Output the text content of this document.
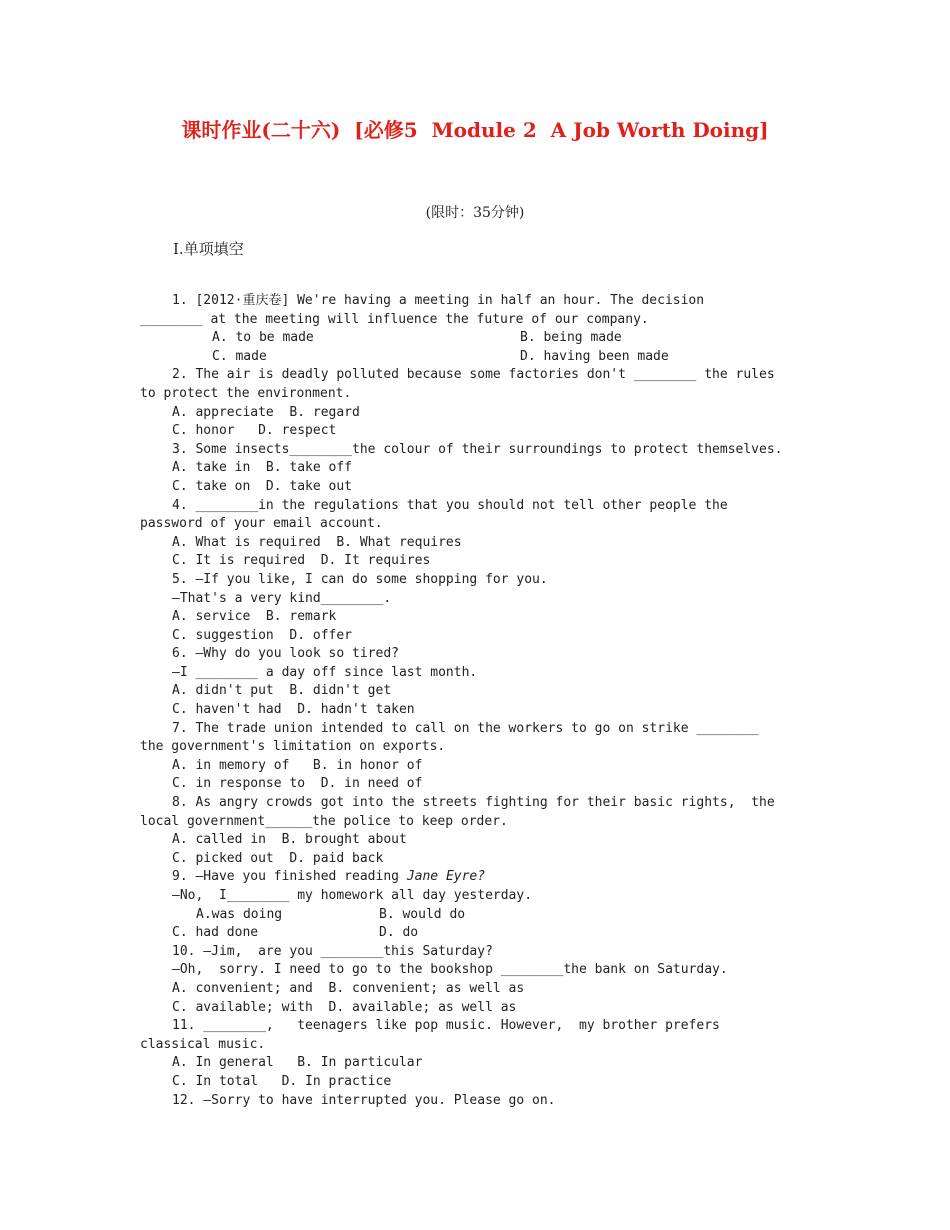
课时作业(二十六)  [必修5  Module 2  A Job Worth Doing]
(限时：35分钟)
Ⅰ.单项填空
1. [2012·重庆卷] We're having a meeting in half an hour. The decision
________ at the meeting will influence the future of our company.
A. to be made	B. being made
C. made	D. having been made
2. The air is deadly polluted because some factories don't ________ the rules
to protect the environment.
A. appreciate  B. regard
C. honor   D. respect
3. Some insects________the colour of their surroundings to protect themselves.
A. take in  B. take off
C. take on  D. take out
4. ________in the regulations that you should not tell other people the
password of your email account.
A. What is required  B. What requires
C. It is required  D. It requires
5. —If you like, I can do some shopping for you.
—That's a very kind________.
A. service  B. remark
C. suggestion  D. offer
6. —Why do you look so tired?
—I ________ a day off since last month.
A. didn't put  B. didn't get
C. haven't had  D. hadn't taken
7. The trade union intended to call on the workers to go on strike ________
the government's limitation on exports.
A. in memory of   B. in honor of
C. in response to  D. in need of
8. As angry crowds got into the streets fighting for their basic rights,  the
local government______the police to keep order.
A. called in  B. brought about
C. picked out  D. paid back
9. —Have you finished reading Jane Eyre?
—No,  I________ my homework all day yesterday.
A.was doing	B. would do
C. had done	D. do
10. —Jim,  are you ________this Saturday?
—Oh,  sorry. I need to go to the bookshop ________the bank on Saturday.
A. convenient; and  B. convenient; as well as
C. available; with  D. available; as well as
11. ________,   teenagers like pop music. However,  my brother prefers
classical music.
A. In general   B. In particular
C. In total   D. In practice
12. —Sorry to have interrupted you. Please go on.
